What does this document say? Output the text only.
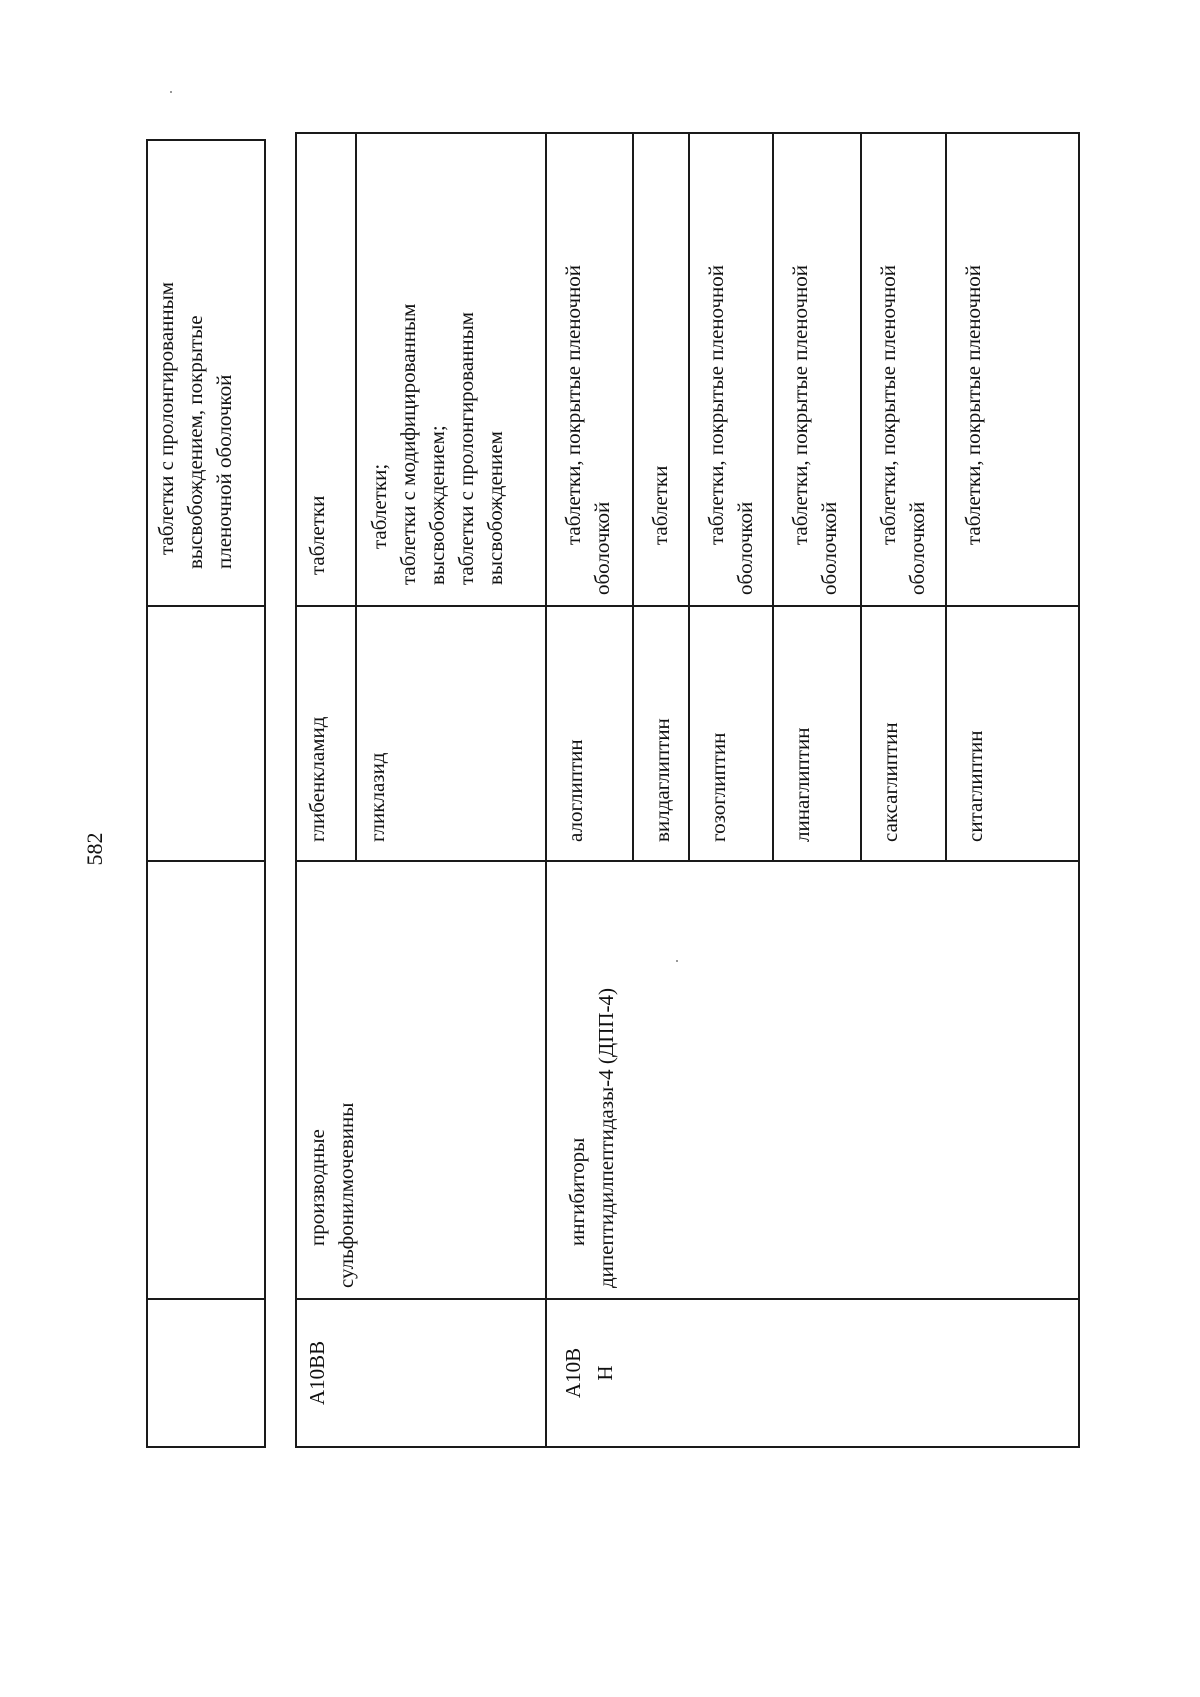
582
таблетки с пролонгированным
высвобождением, покрытые
пленочной оболочкой
A10BB
производные
сульфонилмочевины
глибенкламид
таблетки
гликлазид
таблетки;
таблетки с модифицированным
высвобождением;
таблетки с пролонгированным
высвобождением
A10B
H
ингибиторы
дипептидилпептидазы-4 (ДПП-4)
алоглиптин
таблетки, покрытые пленочной
оболочкой
вилдаглиптин
таблетки
гозоглиптин
таблетки, покрытые пленочной
оболочкой
линаглиптин
таблетки, покрытые пленочной
оболочкой
саксаглиптин
таблетки, покрытые пленочной
оболочкой
ситаглиптин
таблетки, покрытые пленочной
